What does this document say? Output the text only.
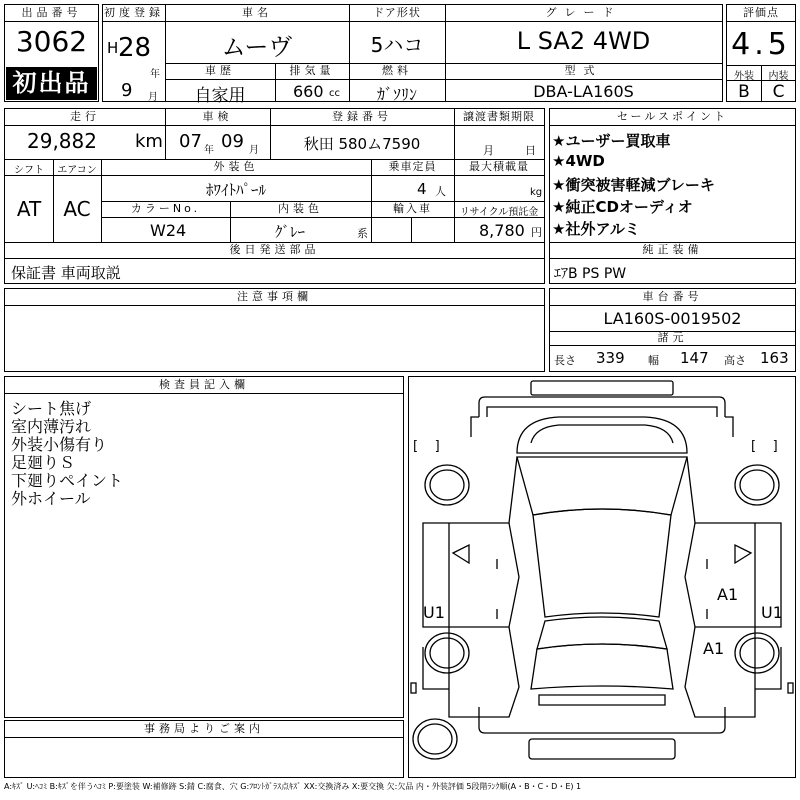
出品番号
3062
初出品
初度登録
H 28
年
9 月
車名
ムーヴ
ドア形状
5ハコ
グレード
L SA2 4WD
車歴
自家用
排気量
660 cc
燃料
ｶﾞｿﾘﾝ
型式
DBA-LA160S
評価点
4.5
外装	内装
B	C
走行
29,882 km
車検
07 年 09 月
登録番号
秋田 580ム7590
譲渡書類期限
月	日
シフト
AT
エアコン
AC
外装色
ﾎﾜｲﾄﾊﾟｰﾙ
乗車定員
4 人
最大積載量
kg
カラーNo.
W24
内装色
ｸﾞﾚｰ	系
輸入車	リサイクル預託金
8,780 円
後日発送部品
保証書 車両取説
セールスポイント
★ユーザー買取車
★4WD
★衝突被害軽減ブレーキ
★純正CDオーディオ
★社外アルミ
純正装備
ｴｱB PS PW
注意事項欄	車台番号
LA160S-0019502
諸元
長さ 339 幅 147 高さ 163
検査員記入欄
シート焦げ
室内薄汚れ
外装小傷有り
足廻りＳ
下廻りペイント
外ホイール
事務局よりご案内
[    ]	[    ]
U1	U1
A1
A1
A:ｷｽﾞ U:ﾍｺﾐ B:ｷｽﾞを伴うﾍｺﾐ P:要塗装 W:補修跡 S:錆 C:腐食、穴 G:ﾌﾛﾝﾄｶﾞﾗｽ点ｷｽﾞ XX:交換済み X:要交換 欠:欠品 内・外装評価 5段階ﾗﾝｸ順(A・B・C・D・E) 1
